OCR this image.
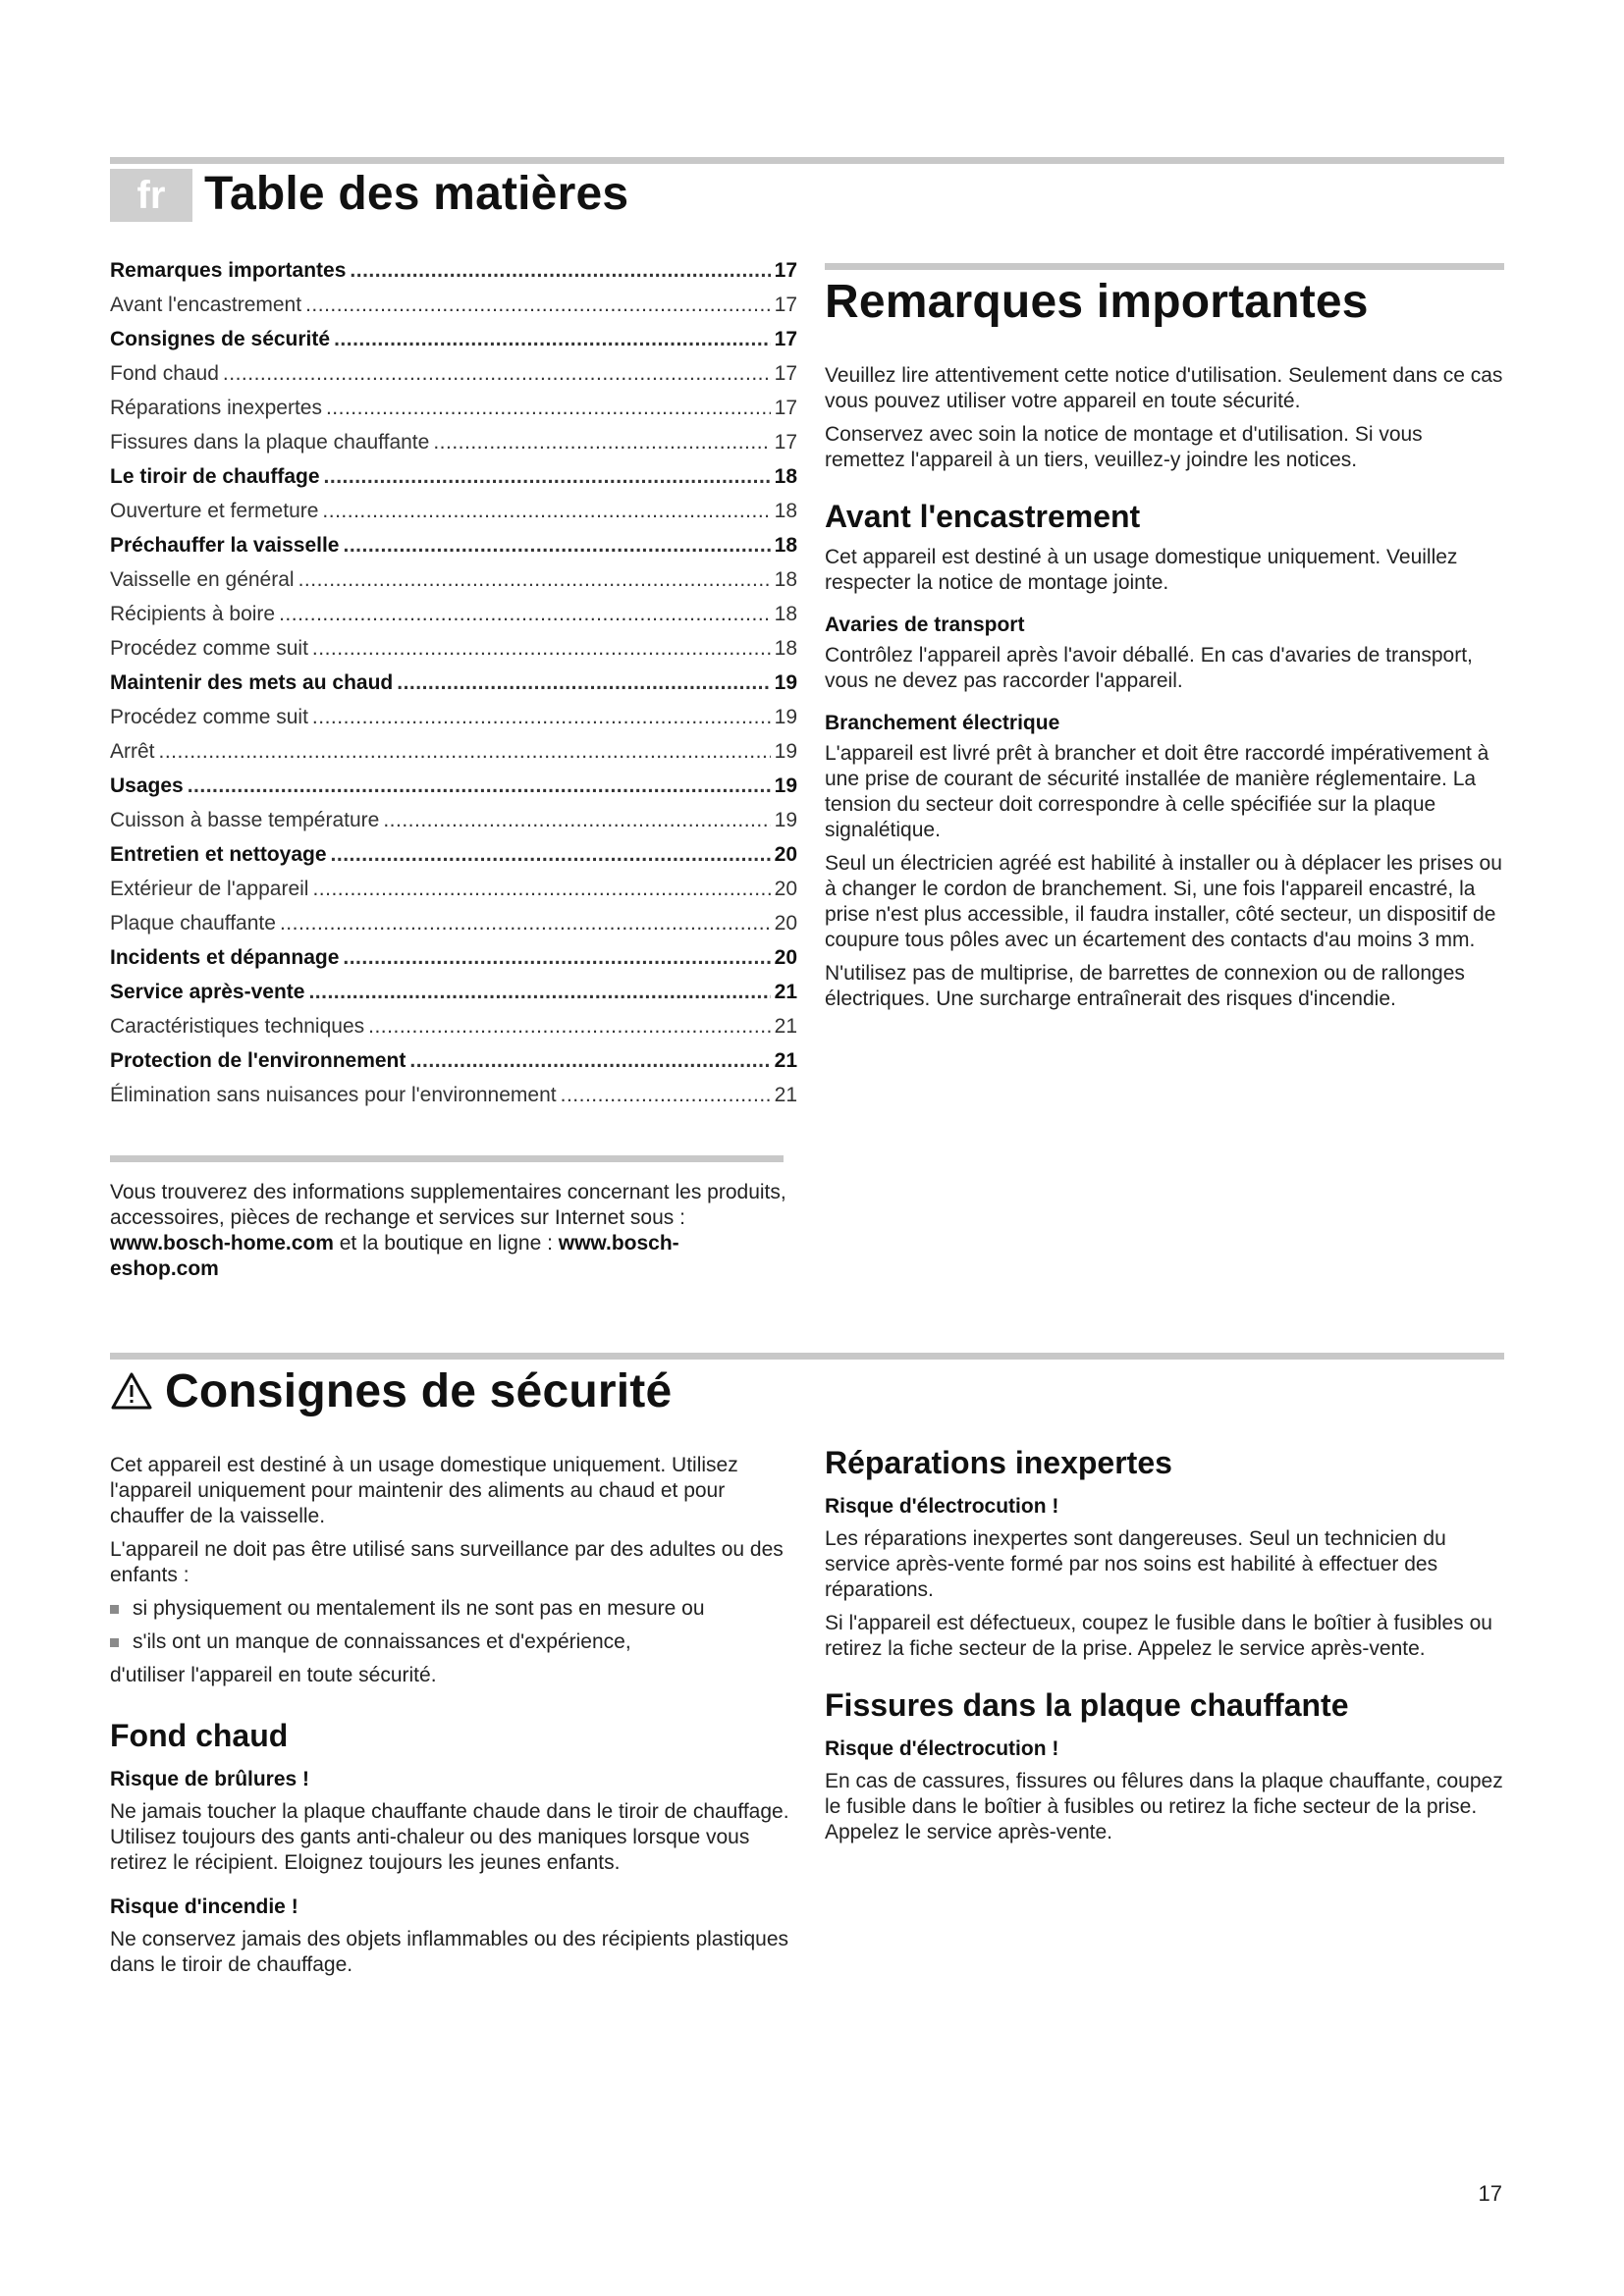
fr Table des matières
Remarques importantes .....	17
Avant l'encastrement .....	17
Consignes de sécurité .....	17
Fond chaud .....	17
Réparations inexpertes .....	17
Fissures dans la plaque chauffante .....	17
Le tiroir de chauffage .....	18
Ouverture et fermeture .....	18
Préchauffer la vaisselle .....	18
Vaisselle en général .....	18
Récipients à boire .....	18
Procédez comme suit .....	18
Maintenir des mets au chaud .....	19
Procédez comme suit .....	19
Arrêt .....	19
Usages .....	19
Cuisson à basse température .....	19
Entretien et nettoyage .....	20
Extérieur de l'appareil .....	20
Plaque chauffante .....	20
Incidents et dépannage .....	20
Service après-vente .....	21
Caractéristiques techniques .....	21
Protection de l'environnement .....	21
Élimination sans nuisances pour l'environnement .....	21

Vous trouverez des informations supplementaires concernant les produits, accessoires, pièces de rechange et services sur Internet sous : www.bosch-home.com et la boutique en ligne : www.bosch-eshop.com

Remarques importantes

Veuillez lire attentivement cette notice d'utilisation. Seulement dans ce cas vous pouvez utiliser votre appareil en toute sécurité.

Conservez avec soin la notice de montage et d'utilisation. Si vous remettez l'appareil à un tiers, veuillez-y joindre les notices.

Avant l'encastrement

Cet appareil est destiné à un usage domestique uniquement. Veuillez respecter la notice de montage jointe.

Avaries de transport

Contrôlez l'appareil après l'avoir déballé. En cas d'avaries de transport, vous ne devez pas raccorder l'appareil.

Branchement électrique

L'appareil est livré prêt à brancher et doit être raccordé impérativement à une prise de courant de sécurité installée de manière réglementaire. La tension du secteur doit correspondre à celle spécifiée sur la plaque signalétique.

Seul un électricien agréé est habilité à installer ou à déplacer les prises ou à changer le cordon de branchement. Si, une fois l'appareil encastré, la prise n'est plus accessible, il faudra installer, côté secteur, un dispositif de coupure tous pôles avec un écartement des contacts d'au moins 3 mm.

N'utilisez pas de multiprise, de barrettes de connexion ou de rallonges électriques. Une surcharge entraînerait des risques d'incendie.

Consignes de sécurité

Cet appareil est destiné à un usage domestique uniquement. Utilisez l'appareil uniquement pour maintenir des aliments au chaud et pour chauffer de la vaisselle.

L'appareil ne doit pas être utilisé sans surveillance par des adultes ou des enfants :

si physiquement ou mentalement ils ne sont pas en mesure ou
s'ils ont un manque de connaissances et d'expérience,

d'utiliser l'appareil en toute sécurité.

Fond chaud
Risque de brûlures !

Ne jamais toucher la plaque chauffante chaude dans le tiroir de chauffage. Utilisez toujours des gants anti-chaleur ou des maniques lorsque vous retirez le récipient. Eloignez toujours les jeunes enfants.

Risque d'incendie !

Ne conservez jamais des objets inflammables ou des récipients plastiques dans le tiroir de chauffage.

Réparations inexpertes
Risque d'électrocution !

Les réparations inexpertes sont dangereuses. Seul un technicien du service après-vente formé par nos soins est habilité à effectuer des réparations.

Si l'appareil est défectueux, coupez le fusible dans le boîtier à fusibles ou retirez la fiche secteur de la prise. Appelez le service après-vente.

Fissures dans la plaque chauffante
Risque d'électrocution !

En cas de cassures, fissures ou fêlures dans la plaque chauffante, coupez le fusible dans le boîtier à fusibles ou retirez la fiche secteur de la prise. Appelez le service après-vente.

17
